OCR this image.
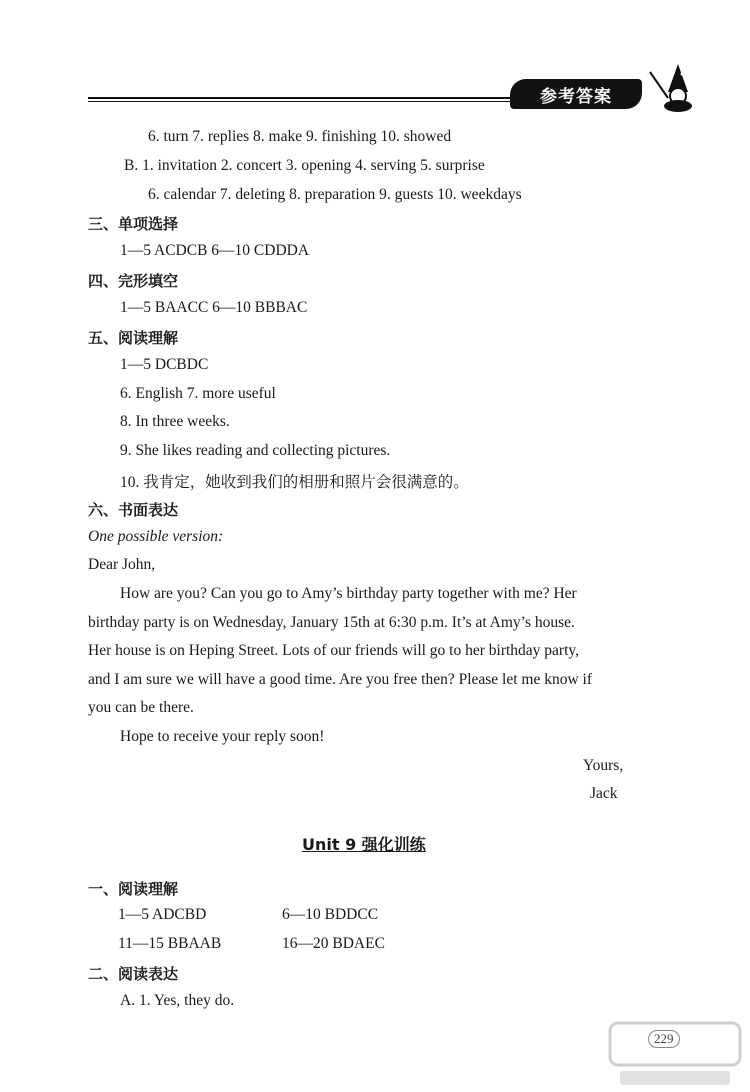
参考答案
6. turn 7. replies 8. make 9. finishing 10. showed
B. 1. invitation 2. concert 3. opening 4. serving 5. surprise
6. calendar 7. deleting 8. preparation 9. guests 10. weekdays
三、单项选择
1—5 ACDCB 6—10 CDDDA
四、完形填空
1—5 BAACC 6—10 BBBAC
五、阅读理解
1—5 DCBDC
6. English 7. more useful
8. In three weeks.
9. She likes reading and collecting pictures.
10. 我肯定，她收到我们的相册和照片会很满意的。
六、书面表达
One possible version:
Dear John,
How are you? Can you go to Amy’s birthday party together with me? Her
birthday party is on Wednesday, January 15th at 6:30 p.m. It’s at Amy’s house.
Her house is on Heping Street. Lots of our friends will go to her birthday party,
and I am sure we will have a good time. Are you free then? Please let me know if
you can be there.
Hope to receive your reply soon!
Yours,
Jack
Unit 9 强化训练
一、阅读理解
1—5 ADCBD	6—10 BDDCC
11—15 BBAAB	16—20 BDAEC
二、阅读表达
A. 1. Yes, they do.
229
